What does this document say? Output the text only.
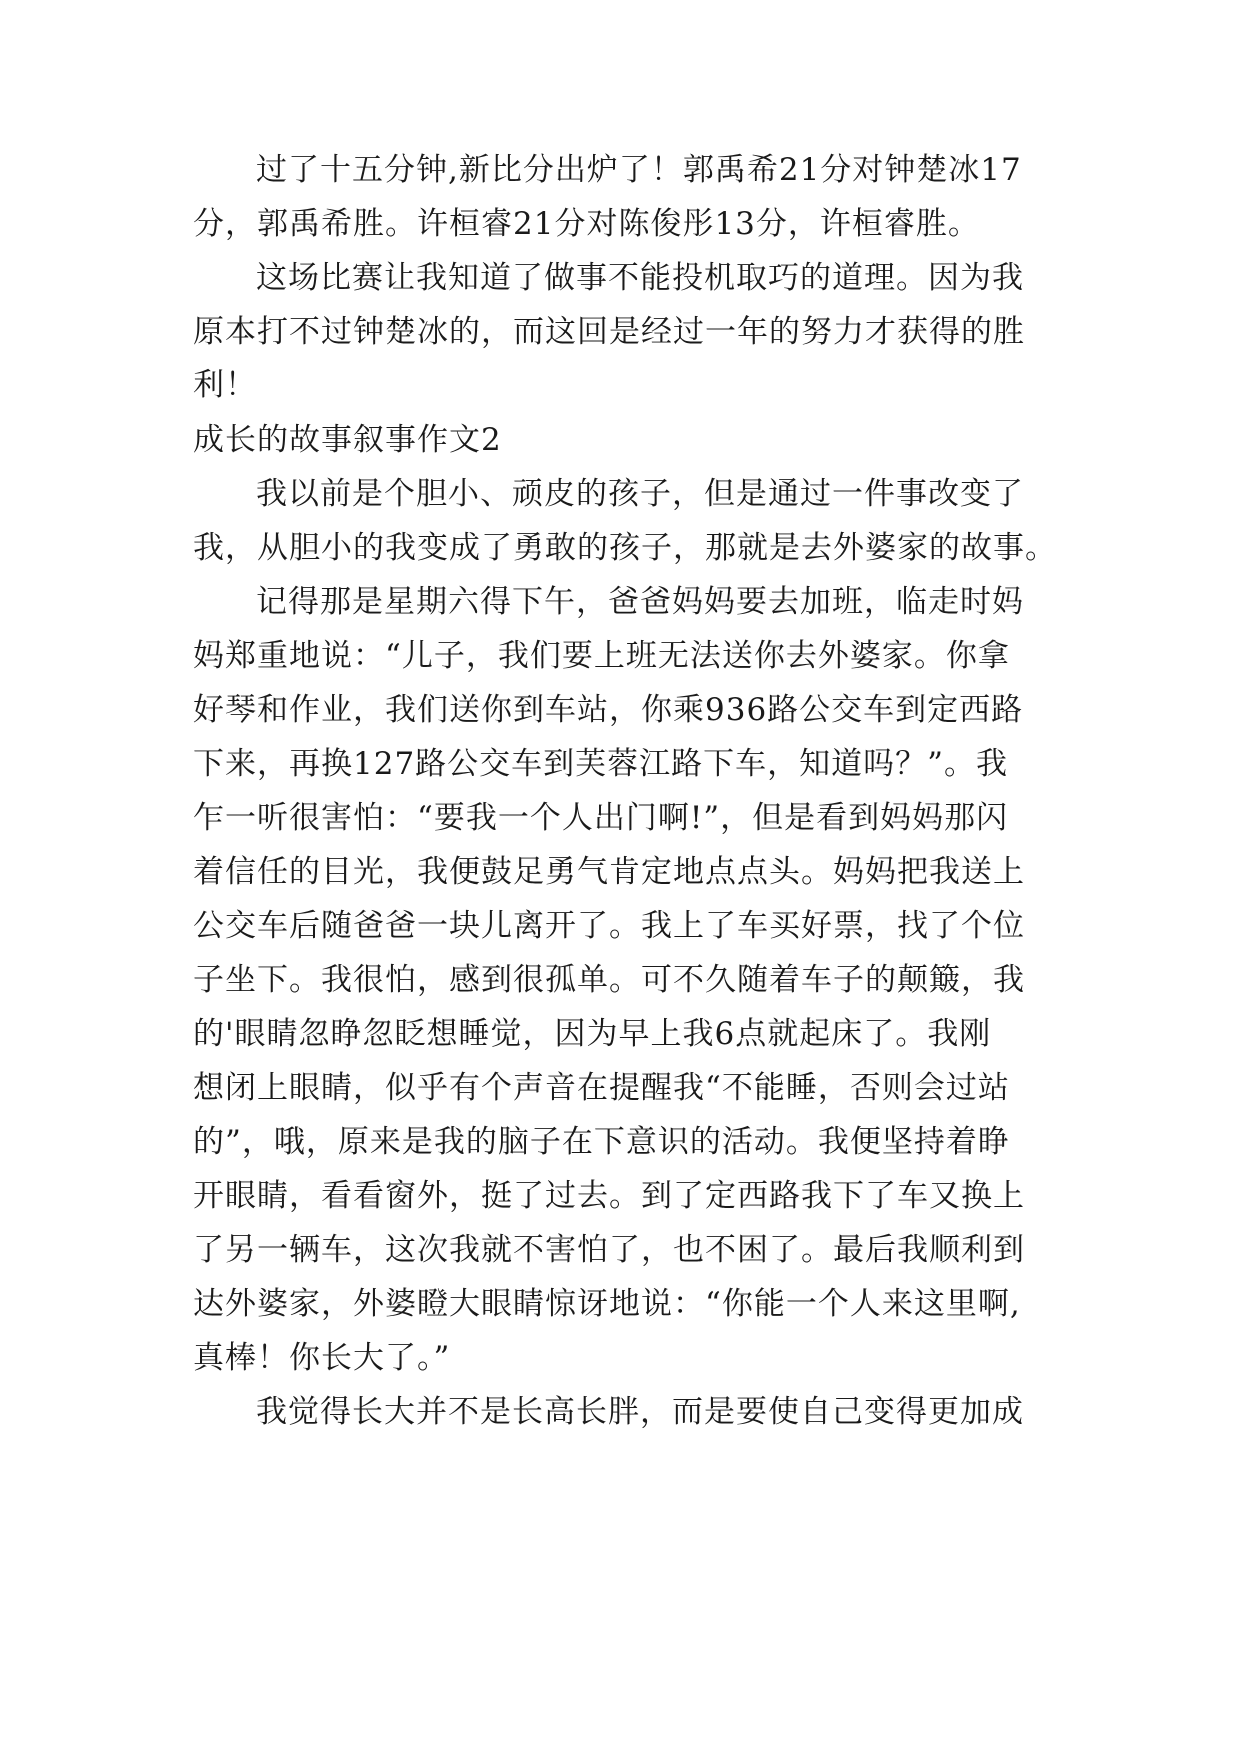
过了十五分钟,新比分出炉了！郭禹希21分对钟楚冰17
分，郭禹希胜。许桓睿21分对陈俊彤13分，许桓睿胜。
这场比赛让我知道了做事不能投机取巧的道理。因为我
原本打不过钟楚冰的，而这回是经过一年的努力才获得的胜
利！
成长的故事叙事作文2
我以前是个胆小、顽皮的孩子，但是通过一件事改变了
我，从胆小的我变成了勇敢的孩子，那就是去外婆家的故事。
记得那是星期六得下午，爸爸妈妈要去加班，临走时妈
妈郑重地说：“儿子，我们要上班无法送你去外婆家。你拿
好琴和作业，我们送你到车站，你乘936路公交车到定西路
下来，再换127路公交车到芙蓉江路下车，知道吗？”。我
乍一听很害怕：“要我一个人出门啊!”，但是看到妈妈那闪
着信任的目光，我便鼓足勇气肯定地点点头。妈妈把我送上
公交车后随爸爸一块儿离开了。我上了车买好票，找了个位
子坐下。我很怕，感到很孤单。可不久随着车子的颠簸，我
的'眼睛忽睁忽眨想睡觉，因为早上我6点就起床了。我刚
想闭上眼睛，似乎有个声音在提醒我“不能睡，否则会过站
的”，哦，原来是我的脑子在下意识的活动。我便坚持着睁
开眼睛，看看窗外，挺了过去。到了定西路我下了车又换上
了另一辆车，这次我就不害怕了，也不困了。最后我顺利到
达外婆家，外婆瞪大眼睛惊讶地说：“你能一个人来这里啊,
真棒！你长大了。”
我觉得长大并不是长高长胖，而是要使自己变得更加成
